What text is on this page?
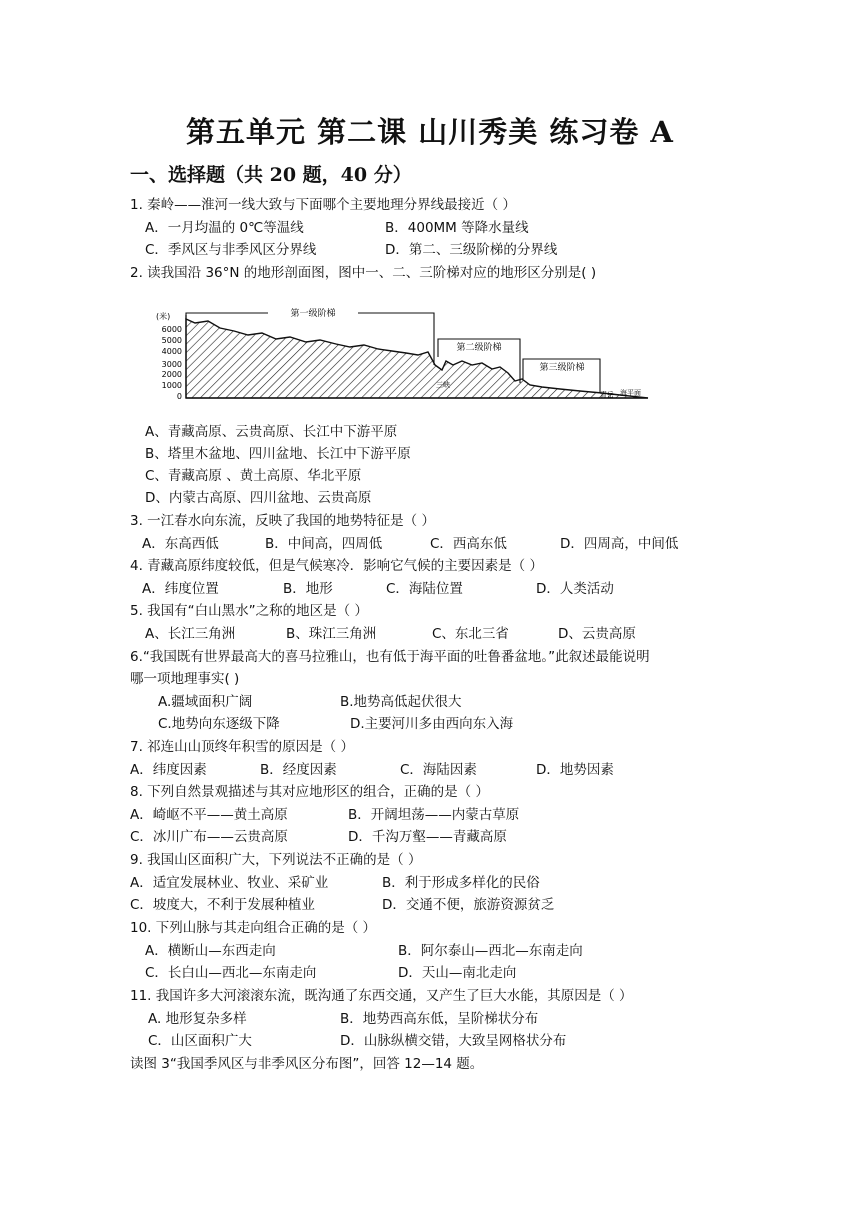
第五单元 第二课 山川秀美 练习卷 A
一、选择题（共 20 题，40 分）
1. 秦岭——淮河一线大致与下面哪个主要地理分界线最接近（ ）
A．一月均温的 0℃等温线	B．400MM 等降水量线
C．季风区与非季风区分界线	D．第二、三级阶梯的分界线
2. 读我国沿 36°N 的地形剖面图，图中一、二、三阶梯对应的地形区分别是( )
(米)
6000
5000
4000
3000
2000
1000
0
第一级阶梯
第二级阶梯
第三级阶梯
三峡
青岳 海平面
A、青藏高原、云贵高原、长江中下游平原
B、塔里木盆地、四川盆地、长江中下游平原
C、青藏高原 、黄土高原、华北平原
D、内蒙古高原、四川盆地、云贵高原
3. 一江春水向东流，反映了我国的地势特征是（ ）
A．东高西低	B．中间高，四周低	C．西高东低	D．四周高，中间低
4. 青藏高原纬度较低，但是气候寒冷．影响它气候的主要因素是（ ）
A．纬度位置	B．地形	C．海陆位置	D．人类活动
5. 我国有“白山黑水”之称的地区是（ ）
A、长江三角洲	B、珠江三角洲	C、东北三省	D、云贵高原
6.“我国既有世界最高大的喜马拉雅山，也有低于海平面的吐鲁番盆地。”此叙述最能说明
哪一项地理事实( )
A.疆域面积广阔	B.地势高低起伏很大
C.地势向东逐级下降	D.主要河川多由西向东入海
7. 祁连山山顶终年积雪的原因是（ ）
A．纬度因素	B．经度因素	C．海陆因素	D．地势因素
8. 下列自然景观描述与其对应地形区的组合，正确的是（ ）
A．崎岖不平——黄土高原	B．开阔坦荡——内蒙古草原
C．冰川广布——云贵高原	D．千沟万壑——青藏高原
9. 我国山区面积广大，下列说法不正确的是（ ）
A．适宜发展林业、牧业、采矿业	B．利于形成多样化的民俗
C．坡度大，不利于发展种植业	D．交通不便，旅游资源贫乏
10. 下列山脉与其走向组合正确的是（ ）
A．横断山—东西走向	B．阿尔泰山—西北—东南走向
C．长白山—西北—东南走向	D．天山—南北走向
11. 我国许多大河滚滚东流，既沟通了东西交通，又产生了巨大水能，其原因是（ ）
A. 地形复杂多样	B．地势西高东低，呈阶梯状分布
C．山区面积广大	D．山脉纵横交错，大致呈网格状分布
读图 3“我国季风区与非季风区分布图”，回答 12—14 题。
